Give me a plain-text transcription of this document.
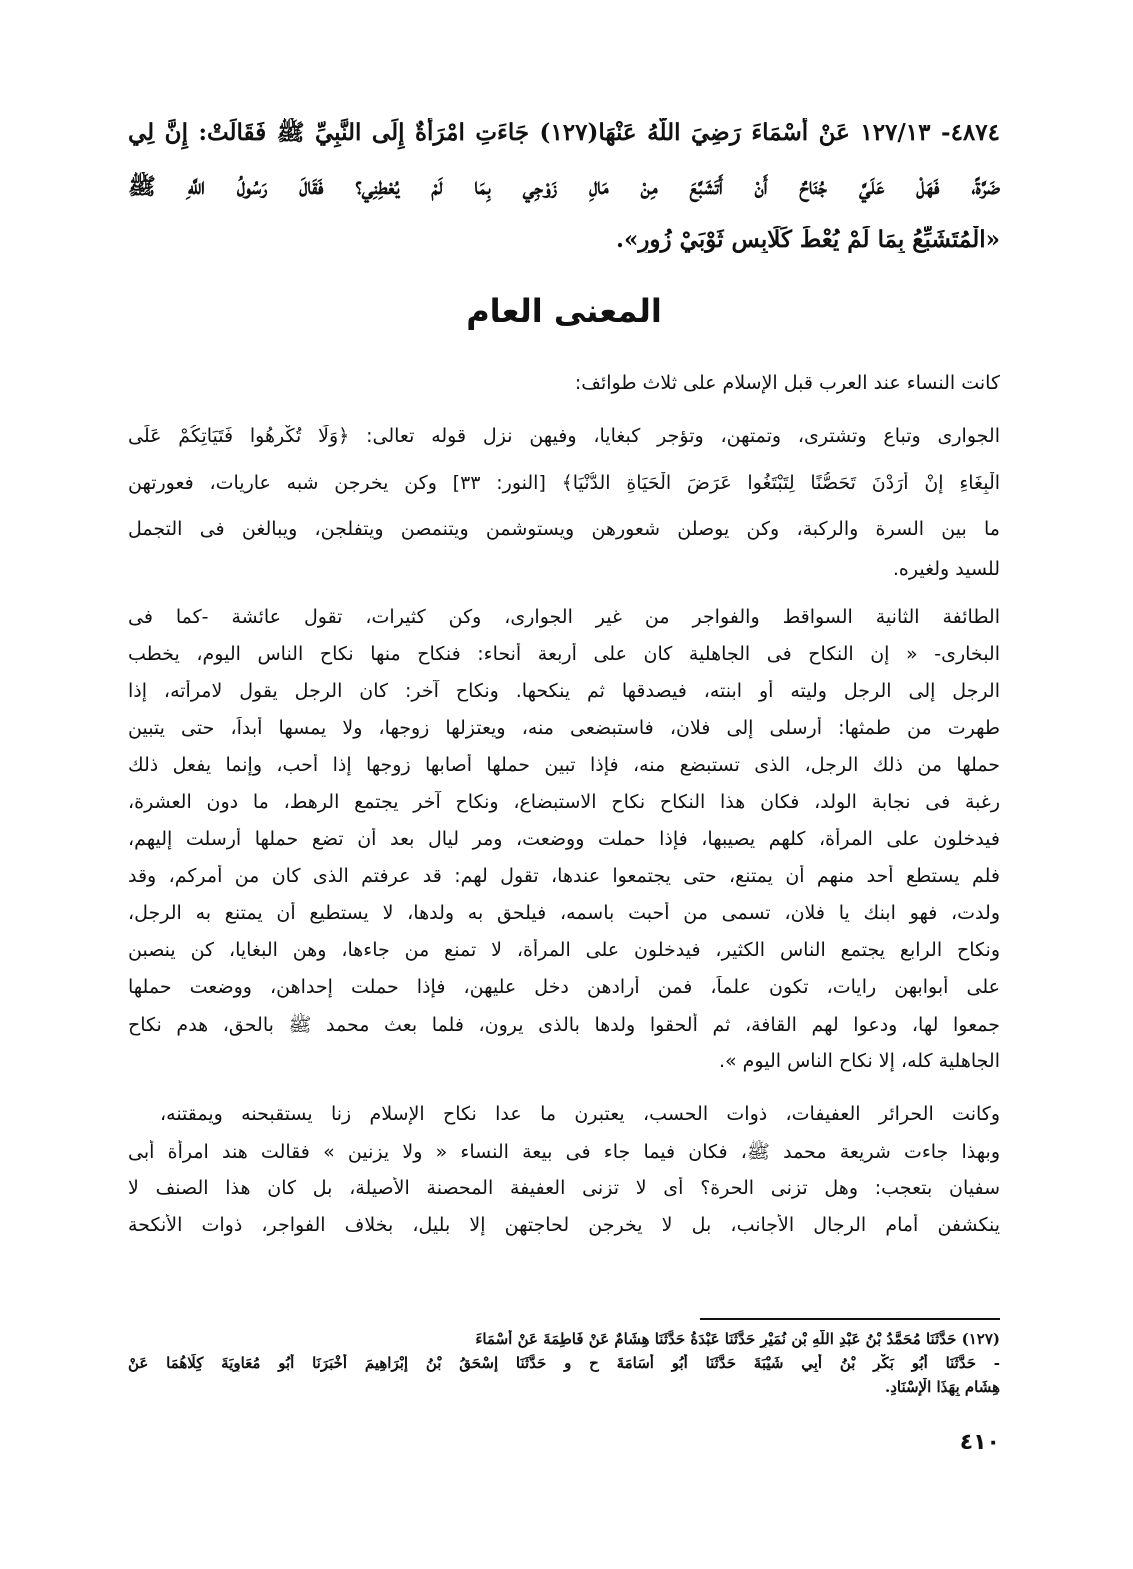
٤٨٧٤- ١٢٧/١٣ عَنْ أَسْمَاءَ رَضِيَ اللَّهُ عَنْهَا(١٢٧) جَاءَتِ امْرَأَةٌ إِلَى النَّبِيِّ ﷺ فَقَالَتْ: إِنَّ لِي
ضَرَّةً، فَهَلْ عَلَيَّ جُنَاحٌ أَنْ أَتَشَبَّعَ مِنْ مَالِ زَوْجِي بِمَا لَمْ يُعْطِنِي؟ فَقَالَ رَسُولُ اللَّهِ ﷺ
«الْمُتَشَبِّعُ بِمَا لَمْ يُعْطَ كَلَابِسِ ثَوْبَيْ زُورٍ».
المعنى العام
كانت النساء عند العرب قبل الإسلام على ثلاث طوائف:
الجوارى وتباع وتشترى، وتمتهن، وتؤجر كبغايا، وفيهن نزل قوله تعالى: ﴿وَلَا تُكْرِهُوا فَتَيَاتِكُمْ عَلَى
الْبِغَاءِ إِنْ أَرَدْنَ تَحَصُّنًا لِتَبْتَغُوا عَرَضَ الْحَيَاةِ الدُّنْيَا﴾ [النور: ٣٣] وكن يخرجن شبه عاريات، فعورتهن
ما بين السرة والركبة، وكن يوصلن شعورهن ويستوشمن ويتنمصن ويتفلجن، ويبالغن فى التجمل
للسيد ولغيره.
الطائفة الثانية السواقط والفواجر من غير الجوارى، وكن كثيرات، تقول عائشة -كما فى
البخارى- « إن النكاح فى الجاهلية كان على أربعة أنحاء: فنكاح منها نكاح الناس اليوم، يخطب
الرجل إلى الرجل وليته أو ابنته، فيصدقها ثم ينكحها. ونكاح آخر: كان الرجل يقول لامرأته، إذا
طهرت من طمثها: أرسلى إلى فلان، فاستبضعى منه، ويعتزلها زوجها، ولا يمسها أبداً، حتى يتبين
حملها من ذلك الرجل، الذى تستبضع منه، فإذا تبين حملها أصابها زوجها إذا أحب، وإنما يفعل ذلك
رغبة فى نجابة الولد، فكان هذا النكاح نكاح الاستبضاع، ونكاح آخر يجتمع الرهط، ما دون العشرة،
فيدخلون على المرأة، كلهم يصيبها، فإذا حملت ووضعت، ومر ليال بعد أن تضع حملها أرسلت إليهم،
فلم يستطع أحد منهم أن يمتنع، حتى يجتمعوا عندها، تقول لهم: قد عرفتم الذى كان من أمركم، وقد
ولدت، فهو ابنك يا فلان، تسمى من أحبت باسمه، فيلحق به ولدها، لا يستطيع أن يمتنع به الرجل،
ونكاح الرابع يجتمع الناس الكثير، فيدخلون على المرأة، لا تمنع من جاءها، وهن البغايا، كن ينصبن
على أبوابهن رايات، تكون علماً، فمن أرادهن دخل عليهن، فإذا حملت إحداهن، ووضعت حملها
جمعوا لها، ودعوا لهم القافة، ثم ألحقوا ولدها بالذى يرون، فلما بعث محمد ﷺ بالحق، هدم نكاح
الجاهلية كله، إلا نكاح الناس اليوم ».
وكانت الحرائر العفيفات، ذوات الحسب، يعتبرن ما عدا نكاح الإسلام زنا يستقبحنه ويمقتنه،
وبهذا جاءت شريعة محمد ﷺ، فكان فيما جاء فى بيعة النساء « ولا يزنين » فقالت هند امرأة أبى
سفيان بتعجب: وهل تزنى الحرة؟ أى لا تزنى العفيفة المحصنة الأصيلة، بل كان هذا الصنف لا
ينكشفن أمام الرجال الأجانب، بل لا يخرجن لحاجتهن إلا بليل، بخلاف الفواجر، ذوات الأنكحة
(١٢٧) حَدَّثَنَا مُحَمَّدُ بْنُ عَبْدِ اللَّهِ بْنِ نُمَيْرٍ حَدَّثَنَا عَبْدَةُ حَدَّثَنَا هِشَامٌ عَنْ فَاطِمَةَ عَنْ أَسْمَاءَ
- حَدَّثَنَا أَبُو بَكْرِ بْنُ أَبِي شَيْبَةَ حَدَّثَنَا أَبُو أُسَامَةَ ح و حَدَّثَنَا إِسْحَقُ بْنُ إِبْرَاهِيمَ أَخْبَرَنَا أَبُو مُعَاوِيَةَ كِلَاهُمَا عَنْ
هِشَامٍ بِهَذَا الْإِسْنَادِ.
٤١٠
